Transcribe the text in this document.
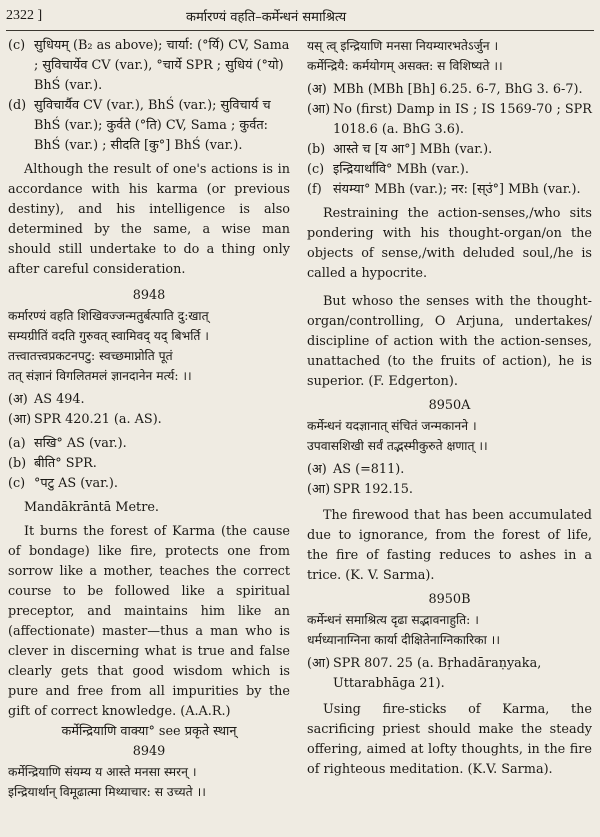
2322 ]	कर्मारण्यं वहति–कर्मेन्धनं समाश्रित्य
(c) सुधियम् (B₂ as above); चार्या: (°र्यि) CV, Sama ; सुविचार्येव CV (var.), °चार्ये SPR ; सुधियं (°यो) BhŚ (var.).
(d) सुविचार्यैव CV (var.), BhŚ (var.); सुविचार्य च BhŚ (var.); कुर्वते (°ति) CV, Sama ; कुर्वत: BhŚ (var.) ; सीदति [कु°] BhŚ (var.).
Although the result of one's actions is in accordance with his karma (or previous destiny), and his intelligence is also determined by the same, a wise man should still undertake to do a thing only after careful consideration.
8948
कर्मारण्यं वहति शिखिवज्जन्मतुर्बत्पाति दु:खात्
सम्यग्रीतिं वदति गुरुवत् स्वामिवद् यद् बिभर्ति ।
तत्त्वातत्त्वप्रकटनपटु: स्वच्छमाप्नोति पूतं
तत् संज्ञानं विगलितमलं ज्ञानदानेन मर्त्य: ।।
(अ) AS 494.
(आ) SPR 420.21 (a. AS).
(a) सखि° AS (var.).
(b) बीति° SPR.
(c) °पटु AS (var.).
Mandākrāntā Metre.
It burns the forest of Karma (the cause of bondage) like fire, protects one from sorrow like a mother, teaches the correct course to be followed like a spiritual preceptor, and maintains him like an (affectionate) master—thus a man who is clever in discerning what is true and false clearly gets that good wisdom which is pure and free from all impurities by the gift of correct knowledge. (A.A.R.)
कर्मेन्द्रियाणि वाक्या° see प्रकृते स्थान्
8949
कर्मेन्द्रियाणि संयम्य य आस्ते मनसा स्मरन् ।
इन्द्रियार्थान् विमूढात्मा मिथ्याचार: स उच्यते ।।
यस् त्व् इन्द्रियाणि मनसा नियम्यारभतेऽर्जुन ।
कर्मेन्द्रियै: कर्मयोगम् असक्त: स विशिष्यते ।।
(अ) MBh (MBh [Bh] 6.25. 6-7, BhG 3. 6-7).
(आ) No (first) Damp in IS ; IS 1569-70 ; SPR 1018.6 (a. BhG 3.6).
(b) आस्ते च [य आ°] MBh (var.).
(c) इन्द्रियार्थांवि° MBh (var.).
(f) संयम्या° MBh (var.); नर: [स्उं°] MBh (var.).
Restraining the action-senses,/who sits pondering with his thought-organ/on the objects of sense,/with deluded soul,/he is called a hypocrite.
But whoso the senses with the thought-organ/controlling, O Arjuna, undertakes/ discipline of action with the action-senses, unattached (to the fruits of action), he is superior. (F. Edgerton).
8950A
कर्मेन्धनं यदज्ञानात् संचितं जन्मकानने ।
उपवासशिखी सर्वं तद्भस्मीकुरुते क्षणात् ।।
(अ) AS (=811).
(आ) SPR 192.15.
The firewood that has been accumulated due to ignorance, from the forest of life, the fire of fasting reduces to ashes in a trice. (K. V. Sarma).
8950B
कर्मेन्धनं समाश्रित्य दृढा सद्भावनाहुति: ।
धर्मध्यानाग्निना कार्या दीक्षितेनाग्निकारिका ।।
(आ) SPR 807. 25 (a. Bṛhadāraṇyaka, Uttarabhāga 21).
Using fire-sticks of Karma, the sacrificing priest should make the steady offering, aimed at lofty thoughts, in the fire of righteous meditation. (K.V. Sarma).
